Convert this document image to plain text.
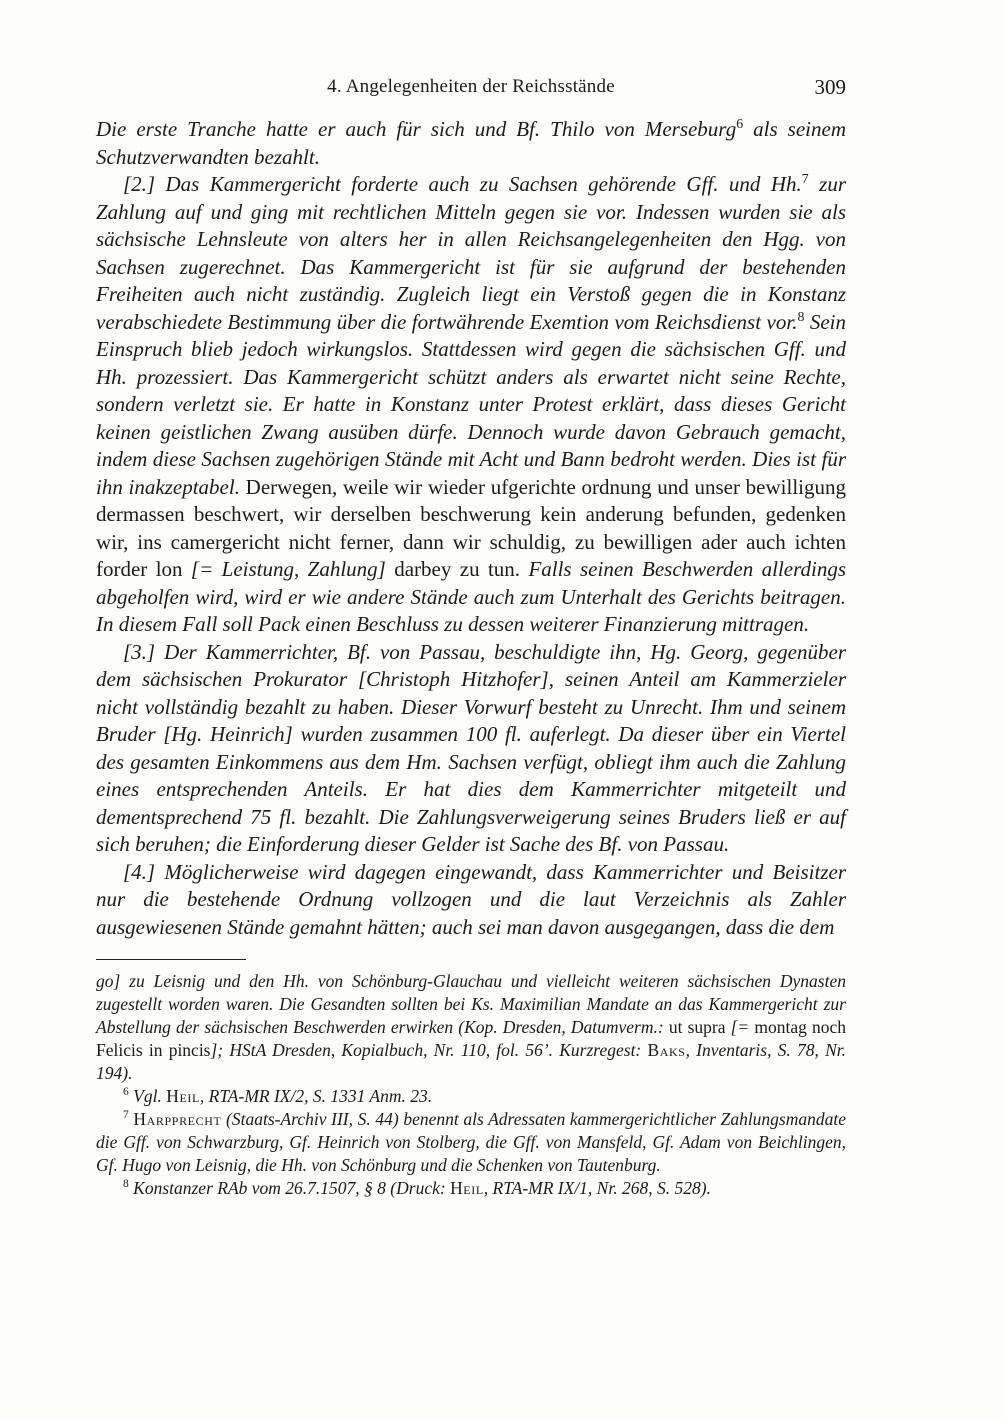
4. Angelegenheiten der Reichsstände	309

Die erste Tranche hatte er auch für sich und Bf. Thilo von Merseburg$^6$ als seinem Schutzverwandten bezahlt.

[2.] Das Kammergericht forderte auch zu Sachsen gehörende Gff. und Hh.$^7$ zur Zahlung auf und ging mit rechtlichen Mitteln gegen sie vor. Indessen wurden sie als sächsische Lehnsleute von alters her in allen Reichsangelegenheiten den Hgg. von Sachsen zugerechnet. Das Kammergericht ist für sie aufgrund der bestehenden Freiheiten auch nicht zuständig. Zugleich liegt ein Verstoß gegen die in Konstanz verabschiedete Bestimmung über die fortwährende Exemtion vom Reichsdienst vor.$^8$ Sein Einspruch blieb jedoch wirkungslos. Stattdessen wird gegen die sächsischen Gff. und Hh. prozessiert. Das Kammergericht schützt anders als erwartet nicht seine Rechte, sondern verletzt sie. Er hatte in Konstanz unter Protest erklärt, dass dieses Gericht keinen geistlichen Zwang ausüben dürfe. Dennoch wurde davon Gebrauch gemacht, indem diese Sachsen zugehörigen Stände mit Acht und Bann bedroht werden. Dies ist für ihn inakzeptabel. Derwegen, weile wir wieder ufgerichte ordnung und unser bewilligung dermassen beschwert, wir derselben beschwerung kein anderung befunden, gedenken wir, ins camergericht nicht ferner, dann wir schuldig, zu bewilligen ader auch ichten forder lon [= Leistung, Zahlung] darbey zu tun. Falls seinen Beschwerden allerdings abgeholfen wird, wird er wie andere Stände auch zum Unterhalt des Gerichts beitragen. In diesem Fall soll Pack einen Beschluss zu dessen weiterer Finanzierung mittragen.

[3.] Der Kammerrichter, Bf. von Passau, beschuldigte ihn, Hg. Georg, gegenüber dem sächsischen Prokurator [Christoph Hitzhofer], seinen Anteil am Kammerzieler nicht vollständig bezahlt zu haben. Dieser Vorwurf besteht zu Unrecht. Ihm und seinem Bruder [Hg. Heinrich] wurden zusammen 100 fl. auferlegt. Da dieser über ein Viertel des gesamten Einkommens aus dem Hm. Sachsen verfügt, obliegt ihm auch die Zahlung eines entsprechenden Anteils. Er hat dies dem Kammerrichter mitgeteilt und dementsprechend 75 fl. bezahlt. Die Zahlungsverweigerung seines Bruders ließ er auf sich beruhen; die Einforderung dieser Gelder ist Sache des Bf. von Passau.

[4.] Möglicherweise wird dagegen eingewandt, dass Kammerrichter und Beisitzer nur die bestehende Ordnung vollzogen und die laut Verzeichnis als Zahler ausgewiesenen Stände gemahnt hätten; auch sei man davon ausgegangen, dass die dem

go] zu Leisnig und den Hh. von Schönburg-Glauchau und vielleicht weiteren sächsischen Dynasten zugestellt worden waren. Die Gesandten sollten bei Ks. Maximilian Mandate an das Kammergericht zur Abstellung der sächsischen Beschwerden erwirken (Kop. Dresden, Datumverm.: ut supra [= montag noch Felicis in pincis]; HStA Dresden, Kopialbuch, Nr. 110, fol. 56’. Kurzregest: Baks, Inventaris, S. 78, Nr. 194).

$^6$ Vgl. Heil, RTA-MR IX/2, S. 1331 Anm. 23.

$^7$ Harpprecht (Staats-Archiv III, S. 44) benennt als Adressaten kammergerichtlicher Zahlungsmandate die Gff. von Schwarzburg, Gf. Heinrich von Stolberg, die Gff. von Mansfeld, Gf. Adam von Beichlingen, Gf. Hugo von Leisnig, die Hh. von Schönburg und die Schenken von Tautenburg.

$^8$ Konstanzer RAb vom 26.7.1507, § 8 (Druck: Heil, RTA-MR IX/1, Nr. 268, S. 528).
